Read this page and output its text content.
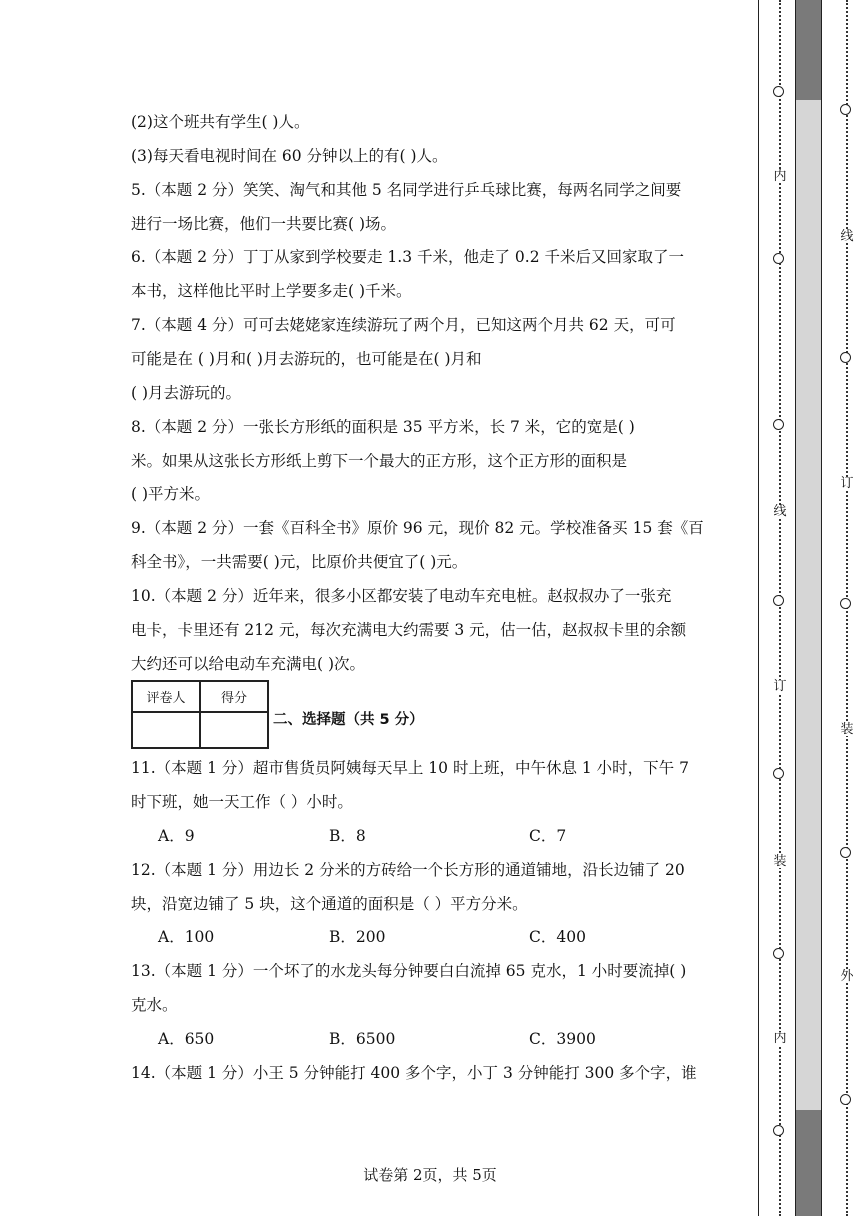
(2)这个班共有学生( )人。
(3)每天看电视时间在 60 分钟以上的有( )人。
5.（本题 2 分）笑笑、淘气和其他 5 名同学进行乒乓球比赛，每两名同学之间要
进行一场比赛，他们一共要比赛( )场。
6.（本题 2 分）丁丁从家到学校要走 1.3 千米，他走了 0.2 千米后又回家取了一
本书，这样他比平时上学要多走( )千米。
7.（本题 4 分）可可去姥姥家连续游玩了两个月，已知这两个月共 62 天，可可
可能是在 ( )月和( )月去游玩的，也可能是在( )月和
( )月去游玩的。
8.（本题 2 分）一张长方形纸的面积是 35 平方米，长 7 米，它的宽是( )
米。如果从这张长方形纸上剪下一个最大的正方形，这个正方形的面积是
( )平方米。
9.（本题 2 分）一套《百科全书》原价 96 元，现价 82 元。学校准备买 15 套《百
科全书》，一共需要( )元，比原价共便宜了( )元。
10.（本题 2 分）近年来，很多小区都安装了电动车充电桩。赵叔叔办了一张充
电卡，卡里还有 212 元，每次充满电大约需要 3 元，估一估，赵叔叔卡里的余额
大约还可以给电动车充满电( )次。
评卷人	得分

二、选择题（共 5 分）
11.（本题 1 分）超市售货员阿姨每天早上 10 时上班，中午休息 1 小时，下午 7
时下班，她一天工作（ ）小时。
A．9	B．8	C．7
12.（本题 1 分）用边长 2 分米的方砖给一个长方形的通道铺地，沿长边铺了 20
块，沿宽边铺了 5 块，这个通道的面积是（ ）平方分米。
A．100	B．200	C．400
13.（本题 1 分）一个坏了的水龙头每分钟要白白流掉 65 克水，1 小时要流掉( )
克水。
A．650	B．6500	C．3900
14.（本题 1 分）小王 5 分钟能打 400 多个字，小丁 3 分钟能打 300 多个字，谁
试卷第 2页，共 5页
内
线
订
装
内
线
订
装
外
